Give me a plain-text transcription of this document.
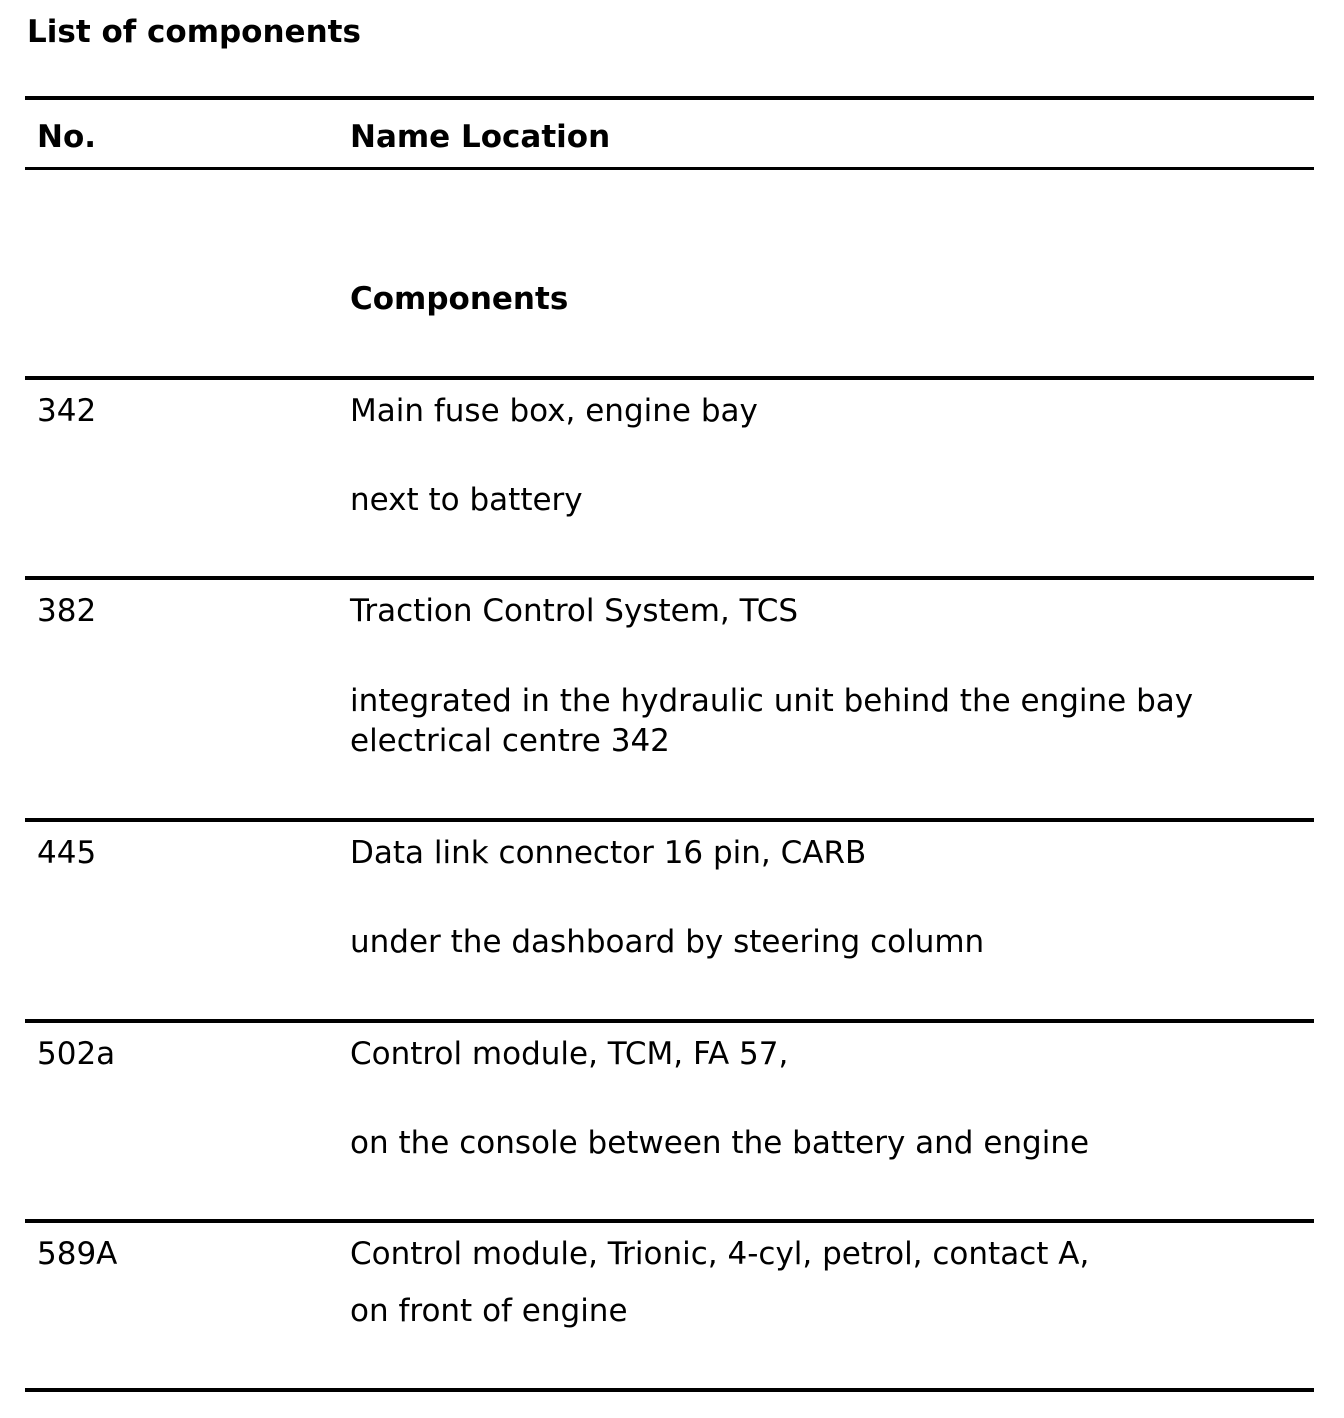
List of components
No.	Name Location
Components
342	Main fuse box, engine bay
next to battery
382	Traction Control System, TCS
integrated in the hydraulic unit behind the engine bay electrical centre 342
445	Data link connector 16 pin, CARB
under the dashboard by steering column
502a	Control module, TCM, FA 57,
on the console between the battery and engine
589A	Control module, Trionic, 4-cyl, petrol, contact A,
on front of engine
